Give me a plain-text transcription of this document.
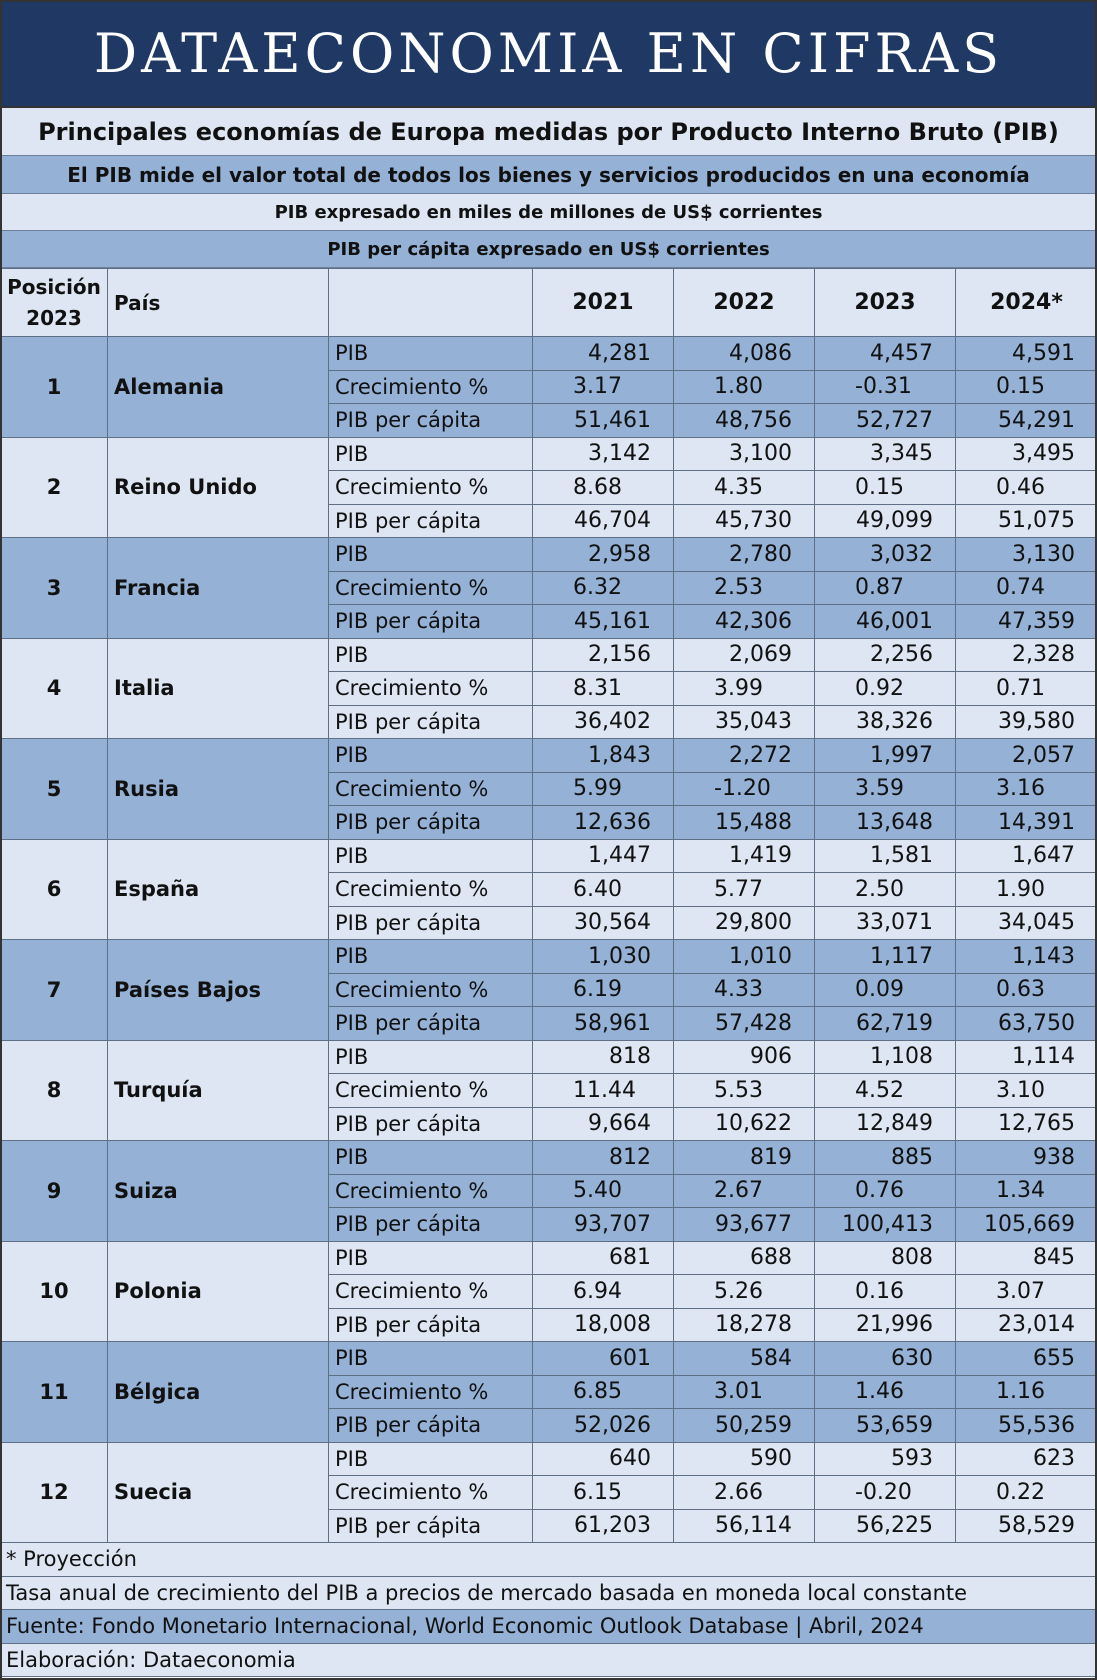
DATAECONOMIA EN CIFRAS
Principales economías de Europa medidas por Producto Interno Bruto (PIB)
El PIB mide el valor total de todos los bienes y servicios producidos en una economía
PIB expresado en miles de millones de US$ corrientes
PIB per cápita expresado en US$ corrientes
Posición 2023	País		2021	2022	2023	2024*
1	Alemania	PIB	4,281	4,086	4,457	4,591
		Crecimiento %	3.17	1.80	-0.31	0.15
		PIB per cápita	51,461	48,756	52,727	54,291
2	Reino Unido	PIB	3,142	3,100	3,345	3,495
		Crecimiento %	8.68	4.35	0.15	0.46
		PIB per cápita	46,704	45,730	49,099	51,075
3	Francia	PIB	2,958	2,780	3,032	3,130
		Crecimiento %	6.32	2.53	0.87	0.74
		PIB per cápita	45,161	42,306	46,001	47,359
4	Italia	PIB	2,156	2,069	2,256	2,328
		Crecimiento %	8.31	3.99	0.92	0.71
		PIB per cápita	36,402	35,043	38,326	39,580
5	Rusia	PIB	1,843	2,272	1,997	2,057
		Crecimiento %	5.99	-1.20	3.59	3.16
		PIB per cápita	12,636	15,488	13,648	14,391
6	España	PIB	1,447	1,419	1,581	1,647
		Crecimiento %	6.40	5.77	2.50	1.90
		PIB per cápita	30,564	29,800	33,071	34,045
7	Países Bajos	PIB	1,030	1,010	1,117	1,143
		Crecimiento %	6.19	4.33	0.09	0.63
		PIB per cápita	58,961	57,428	62,719	63,750
8	Turquía	PIB	818	906	1,108	1,114
		Crecimiento %	11.44	5.53	4.52	3.10
		PIB per cápita	9,664	10,622	12,849	12,765
9	Suiza	PIB	812	819	885	938
		Crecimiento %	5.40	2.67	0.76	1.34
		PIB per cápita	93,707	93,677	100,413	105,669
10	Polonia	PIB	681	688	808	845
		Crecimiento %	6.94	5.26	0.16	3.07
		PIB per cápita	18,008	18,278	21,996	23,014
11	Bélgica	PIB	601	584	630	655
		Crecimiento %	6.85	3.01	1.46	1.16
		PIB per cápita	52,026	50,259	53,659	55,536
12	Suecia	PIB	640	590	593	623
		Crecimiento %	6.15	2.66	-0.20	0.22
		PIB per cápita	61,203	56,114	56,225	58,529
* Proyección
Tasa anual de crecimiento del PIB a precios de mercado basada en moneda local constante
Fuente: Fondo Monetario Internacional, World Economic Outlook Database | Abril, 2024
Elaboración: Dataeconomia
